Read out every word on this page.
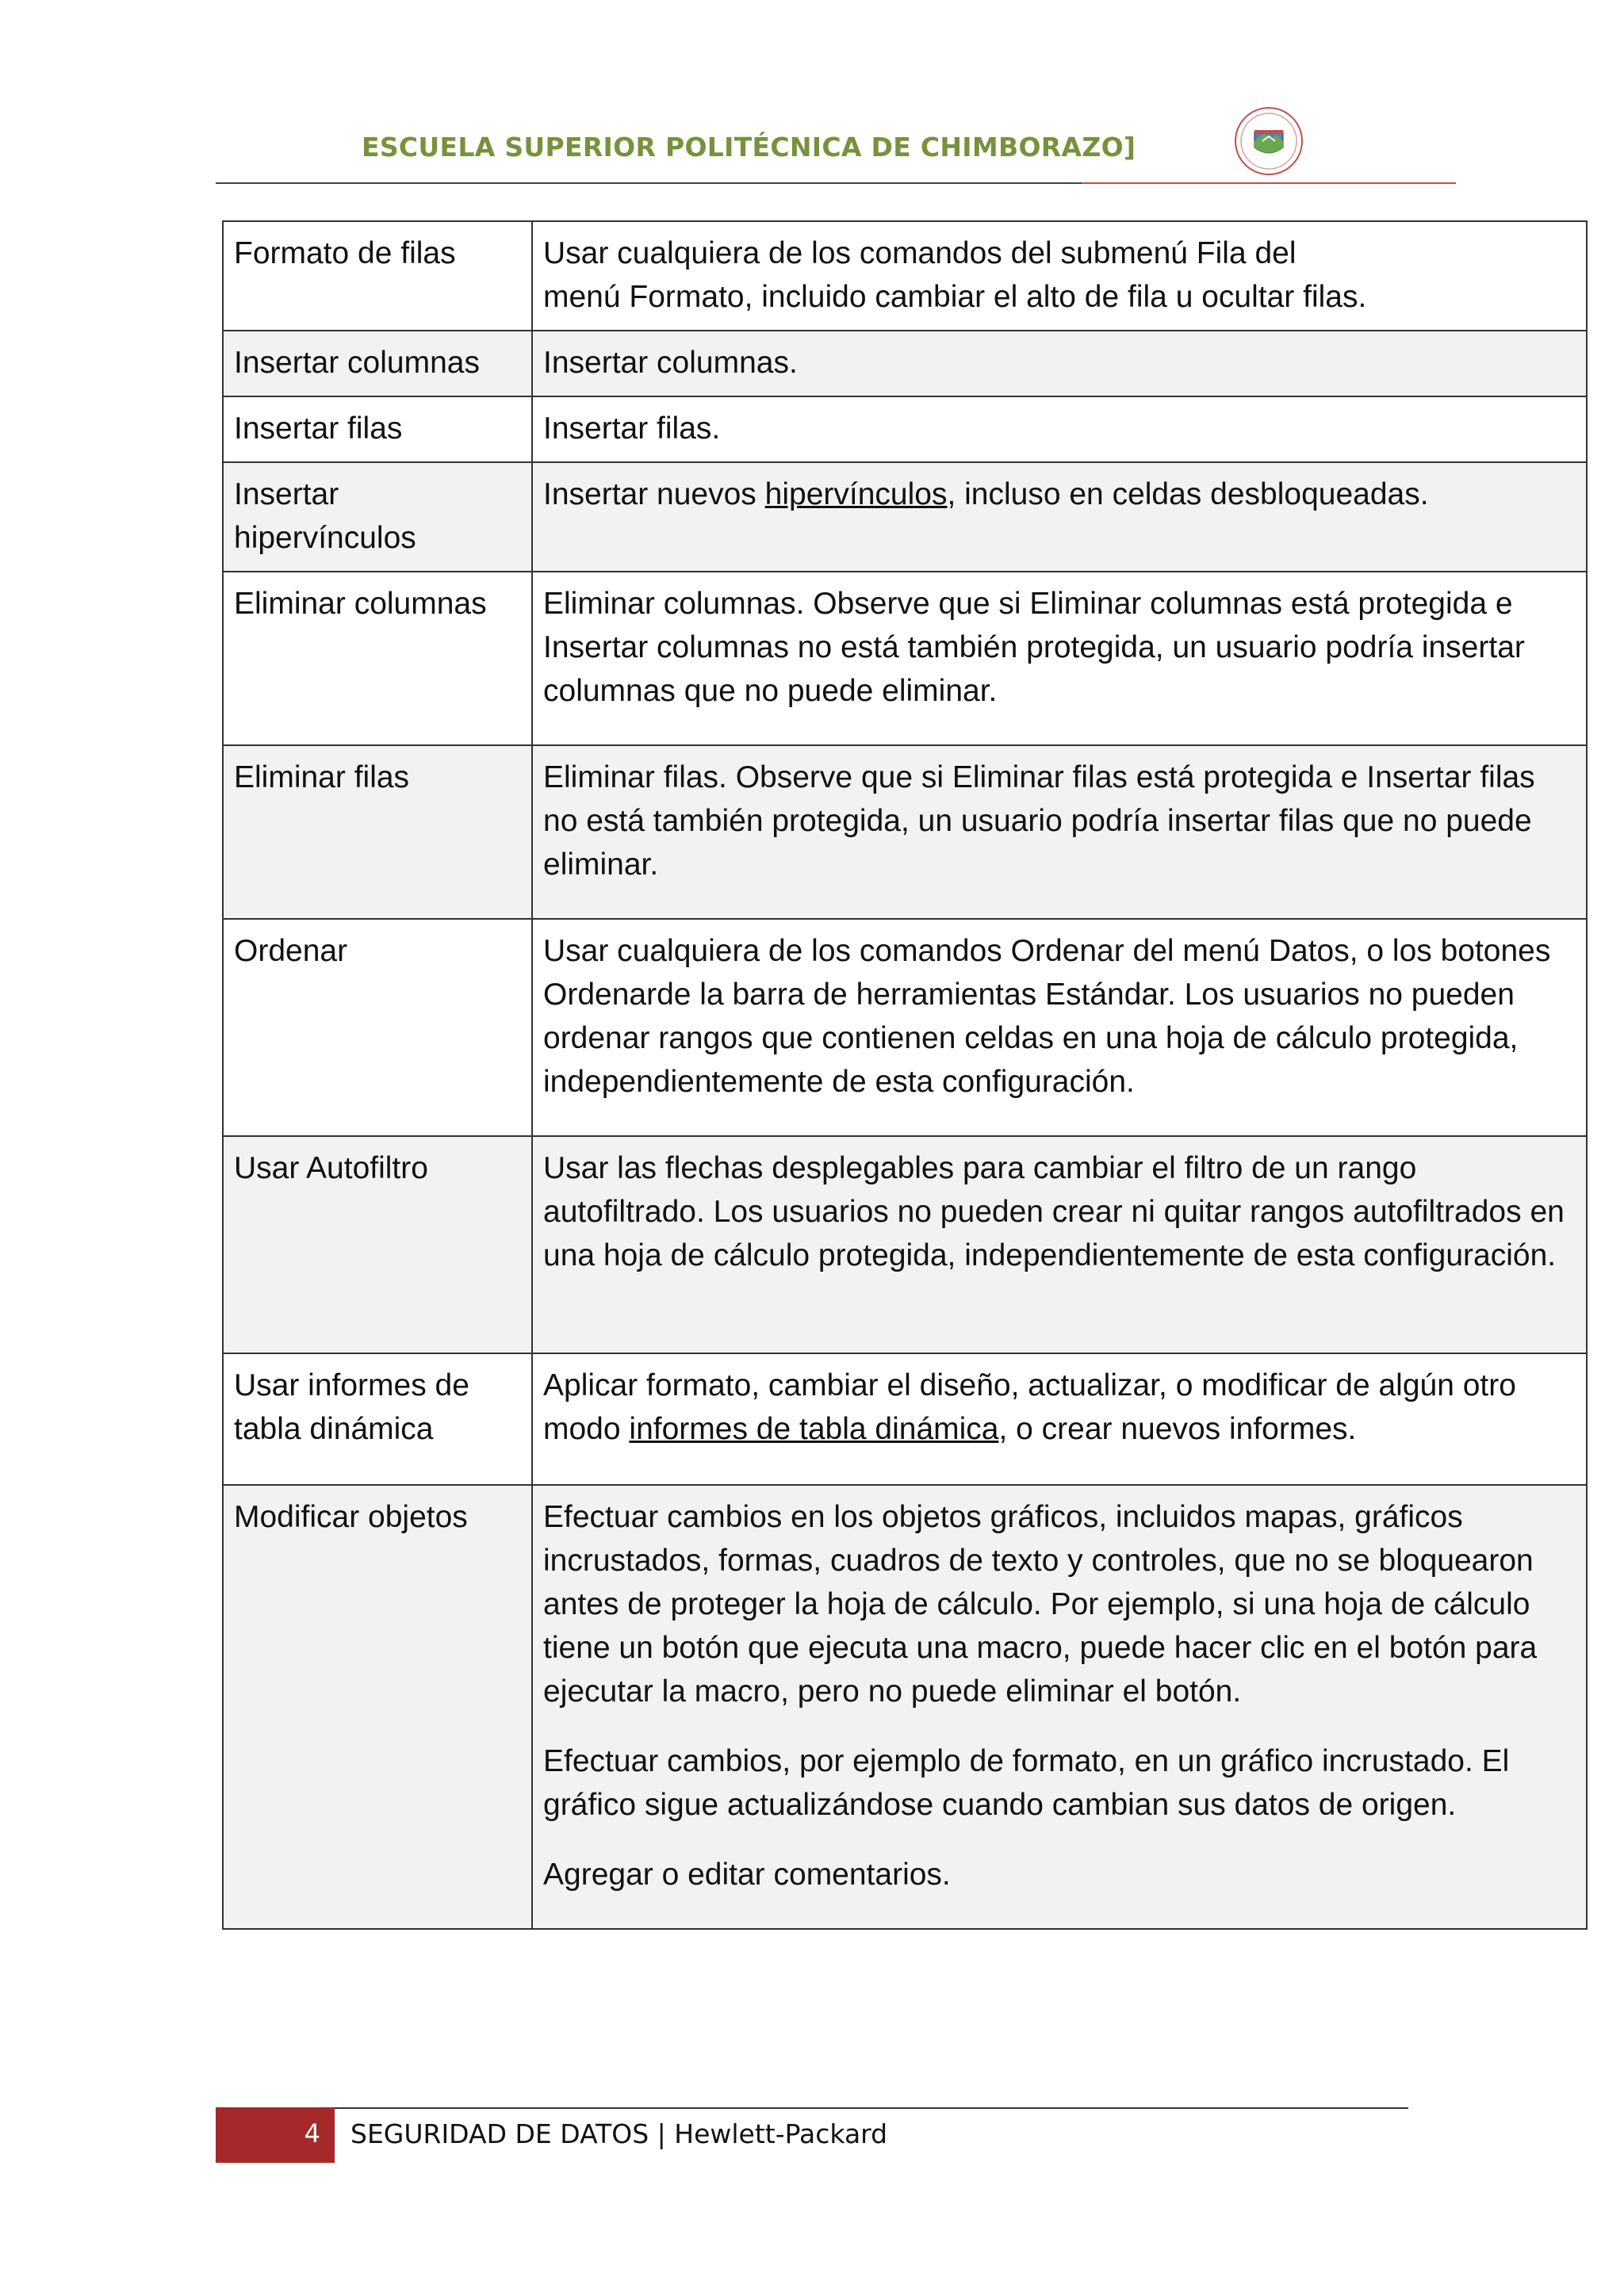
ESCUELA SUPERIOR POLITÉCNICA DE CHIMBORAZO]
Formato de filas	Usar cualquiera de los comandos del submenú Fila del
menú Formato, incluido cambiar el alto de fila u ocultar filas.
Insertar columnas	Insertar columnas.
Insertar filas	Insertar filas.
Insertar hipervínculos	Insertar nuevos hipervínculos, incluso en celdas desbloqueadas.
Eliminar columnas	Eliminar columnas. Observe que si Eliminar columnas está protegida e Insertar columnas no está también protegida, un usuario podría insertar columnas que no puede eliminar.
Eliminar filas	Eliminar filas. Observe que si Eliminar filas está protegida e Insertar filas no está también protegida, un usuario podría insertar filas que no puede eliminar.
Ordenar	Usar cualquiera de los comandos Ordenar del menú Datos, o los botones Ordenarde la barra de herramientas Estándar. Los usuarios no pueden ordenar rangos que contienen celdas en una hoja de cálculo protegida, independientemente de esta configuración.
Usar Autofiltro	Usar las flechas desplegables para cambiar el filtro de un rango autofiltrado. Los usuarios no pueden crear ni quitar rangos autofiltrados en una hoja de cálculo protegida, independientemente de esta configuración.
Usar informes de tabla dinámica	Aplicar formato, cambiar el diseño, actualizar, o modificar de algún otro modo informes de tabla dinámica, o crear nuevos informes.
Modificar objetos	Efectuar cambios en los objetos gráficos, incluidos mapas, gráficos incrustados, formas, cuadros de texto y controles, que no se bloquearon antes de proteger la hoja de cálculo. Por ejemplo, si una hoja de cálculo tiene un botón que ejecuta una macro, puede hacer clic en el botón para ejecutar la macro, pero no puede eliminar el botón.

Efectuar cambios, por ejemplo de formato, en un gráfico incrustado. El gráfico sigue actualizándose cuando cambian sus datos de origen.

Agregar o editar comentarios.

4 SEGURIDAD DE DATOS | Hewlett-Packard
